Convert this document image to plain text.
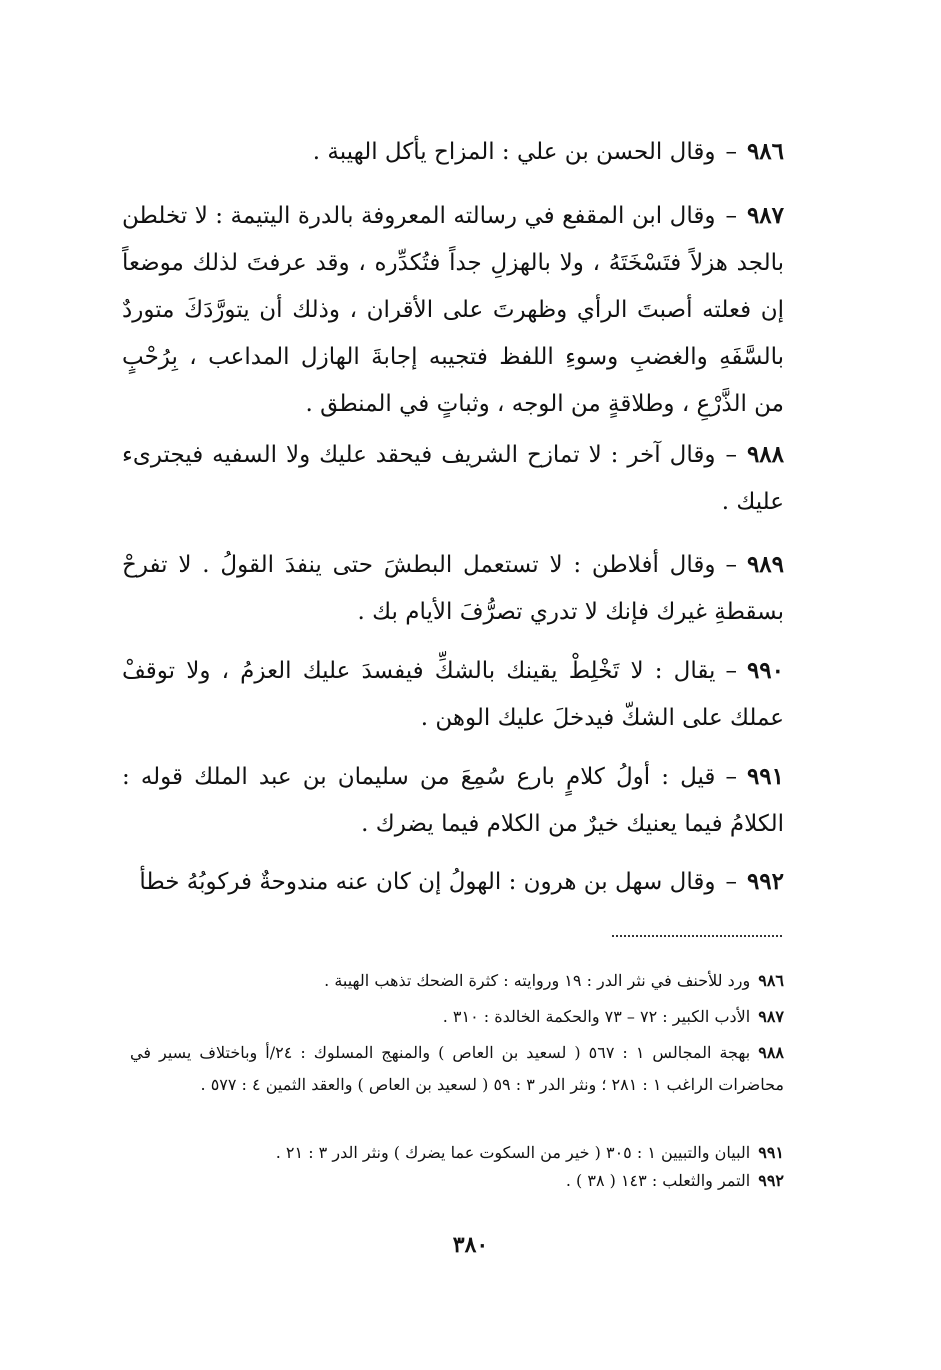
٩٨٦–وقال الحسن بن علي : المزاح يأكل الهيبة .

٩٨٧–وقال ابن المقفع في رسالته المعروفة بالدرة اليتيمة : لا تخلطن بالجد هزلاً فتَسْخَتَهُ ، ولا بالهزلِ جداً فتُكدِّره ، وقد عرفتَ لذلك موضعاً إن فعلته أصبتَ الرأي وظهرتَ على الأقران ، وذلك أن يتورَّدَكَ متوردٌ بالسَّفَهِ والغضبِ وسوءِ اللفظ فتجيبه إجابةَ الهازل المداعب ، بِرُحْبٍ من الذَّرْعِ ، وطلاقةٍ من الوجه ، وثباتٍ في المنطق .

٩٨٨–وقال آخر : لا تمازح الشريف فيحقد عليك ولا السفيه فيجترىء عليك .

٩٨٩–وقال أفلاطن : لا تستعمل البطشَ حتى ينفدَ القولُ . لا تفرحْ بسقطةِ غيرك فإنك لا تدري تصرُّفَ الأيام بك .

٩٩٠–يقال : لا تَخْلِطْ يقينك بالشكِّ فيفسدَ عليك العزمُ ، ولا توقفْ عملك على الشكّ فيدخلَ عليك الوهن .

٩٩١–قيل : أولُ كلامٍ بارع سُمِعَ من سليمان بن عبد الملك قوله : الكلامُ فيما يعنيك خيرٌ من الكلام فيما يضرك .

٩٩٢–وقال سهل بن هرون : الهولُ إن كان عنه مندوحةٌ فركوبُهُ خطأ

٩٨٦ورد للأحنف في نثر الدر : ١٩ وروايته : كثرة الضحك تذهب الهيبة .

٩٨٧الأدب الكبير : ٧٢ – ٧٣ والحكمة الخالدة : ٣١٠ .

٩٨٨بهجة المجالس ١ : ٥٦٧ ( لسعيد بن العاص ) والمنهج المسلوك : ٢٤/أ وباختلاف يسير في محاضرات الراغب ١ : ٢٨١ ؛ ونثر الدر ٣ : ٥٩ ( لسعيد بن العاص ) والعقد الثمين ٤ : ٥٧٧ .

٩٩١البيان والتبيين ١ : ٣٠٥ ( خير من السكوت عما يضرك ) ونثر الدر ٣ : ٢١ .

٩٩٢التمر والثعلب : ١٤٣ ( ٣٨ ) .

٣٨٠
